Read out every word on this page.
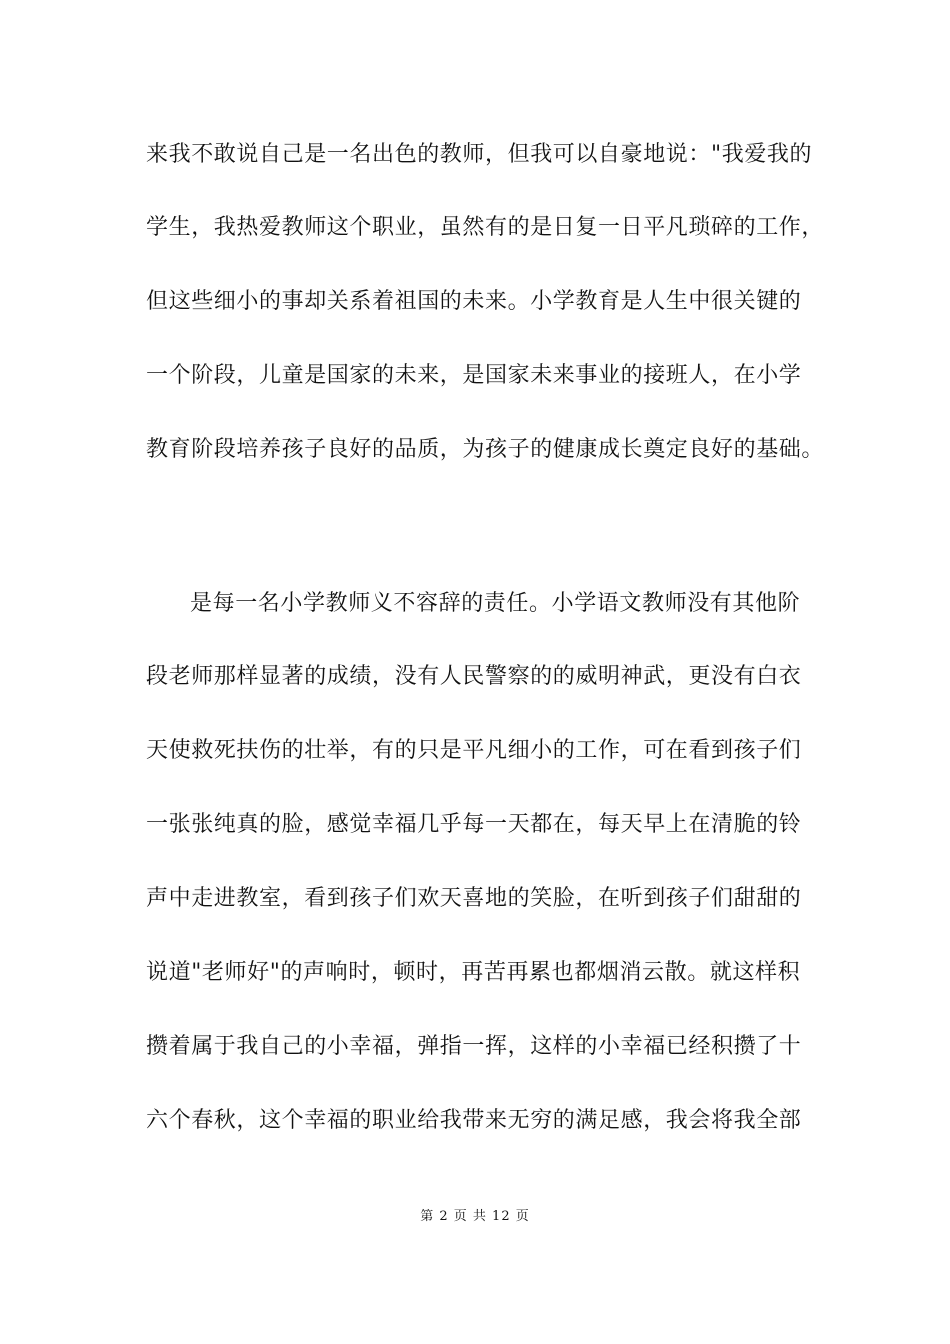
来我不敢说自己是一名出色的教师，但我可以自豪地说："我爱我的
学生，我热爱教师这个职业，虽然有的是日复一日平凡琐碎的工作，
但这些细小的事却关系着祖国的未来。小学教育是人生中很关键的
一个阶段，儿童是国家的未来，是国家未来事业的接班人，在小学
教育阶段培养孩子良好的品质，为孩子的健康成长奠定良好的基础。
是每一名小学教师义不容辞的责任。小学语文教师没有其他阶
段老师那样显著的成绩，没有人民警察的的威明神武，更没有白衣
天使救死扶伤的壮举，有的只是平凡细小的工作，可在看到孩子们
一张张纯真的脸，感觉幸福几乎每一天都在，每天早上在清脆的铃
声中走进教室，看到孩子们欢天喜地的笑脸，在听到孩子们甜甜的
说道"老师好"的声响时，顿时，再苦再累也都烟消云散。就这样积
攒着属于我自己的小幸福，弹指一挥，这样的小幸福已经积攒了十
六个春秋，这个幸福的职业给我带来无穷的满足感，我会将我全部
第 2 页 共 12 页
